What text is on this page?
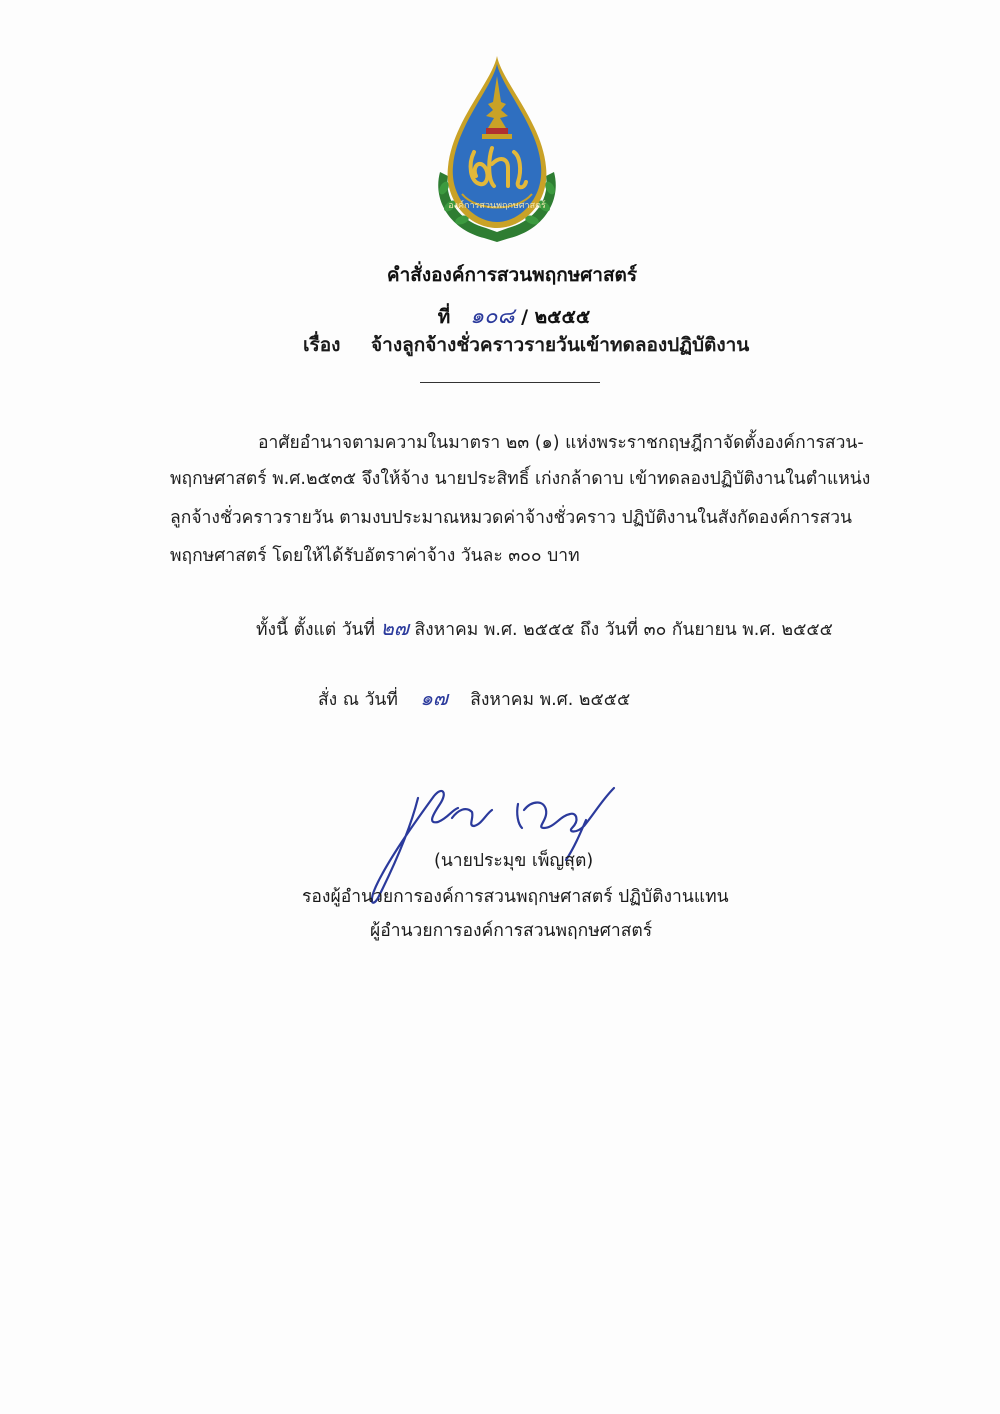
องค์การสวนพฤกษศาสตร์
คำสั่งองค์การสวนพฤกษศาสตร์
ที่ ๑๐๘ / ๒๕๕๕
เรื่อง จ้างลูกจ้างชั่วคราวรายวันเข้าทดลองปฏิบัติงาน
อาศัยอำนาจตามความในมาตรา ๒๓ (๑) แห่งพระราชกฤษฎีกาจัดตั้งองค์การสวน-
พฤกษศาสตร์ พ.ศ.๒๕๓๕ จึงให้จ้าง นายประสิทธิ์ เก่งกล้าดาบ เข้าทดลองปฏิบัติงานในตำแหน่ง
ลูกจ้างชั่วคราวรายวัน ตามงบประมาณหมวดค่าจ้างชั่วคราว ปฏิบัติงานในสังกัดองค์การสวน
พฤกษศาสตร์ โดยให้ได้รับอัตราค่าจ้าง วันละ ๓๐๐ บาท
ทั้งนี้ ตั้งแต่ วันที่ ๒๗ สิงหาคม พ.ศ. ๒๕๕๕ ถึง วันที่ ๓๐ กันยายน พ.ศ. ๒๕๕๕
สั่ง ณ วันที่ ๑๗ สิงหาคม พ.ศ. ๒๕๕๕
(นายประมุข เพ็ญสุต)
รองผู้อำนวยการองค์การสวนพฤกษศาสตร์ ปฏิบัติงานแทน
ผู้อำนวยการองค์การสวนพฤกษศาสตร์
